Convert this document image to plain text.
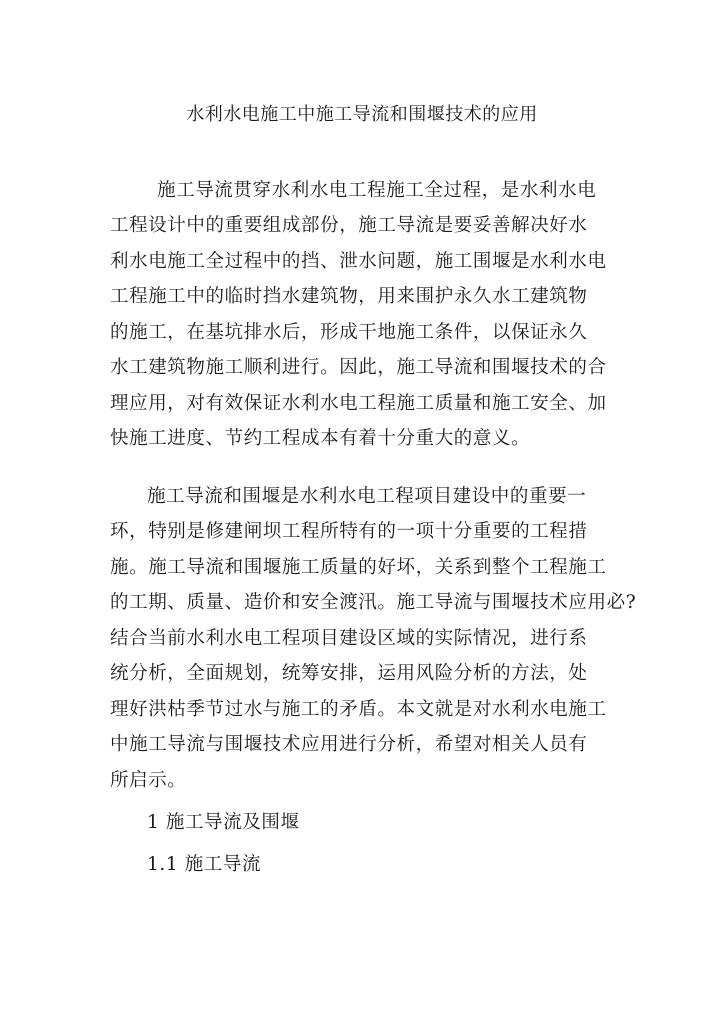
水利水电施工中施工导流和围堰技术的应用
施工导流贯穿水利水电工程施工全过程，是水利水电
工程设计中的重要组成部份，施工导流是要妥善解决好水
利水电施工全过程中的挡、泄水问题，施工围堰是水利水电
工程施工中的临时挡水建筑物，用来围护永久水工建筑物
的施工，在基坑排水后，形成干地施工条件，以保证永久
水工建筑物施工顺利进行。因此，施工导流和围堰技术的合
理应用，对有效保证水利水电工程施工质量和施工安全、加
快施工进度、节约工程成本有着十分重大的意义。
施工导流和围堰是水利水电工程项目建设中的重要一
环，特别是修建闸坝工程所特有的一项十分重要的工程措
施。施工导流和围堰施工质量的好坏，关系到整个工程施工
的工期、质量、造价和安全渡汛。施工导流与围堰技术应用必?
结合当前水利水电工程项目建设区域的实际情况，进行系
统分析，全面规划，统筹安排，运用风险分析的方法，处
理好洪枯季节过水与施工的矛盾。本文就是对水利水电施工
中施工导流与围堰技术应用进行分析，希望对相关人员有
所启示。
1 施工导流及围堰
1.1 施工导流
